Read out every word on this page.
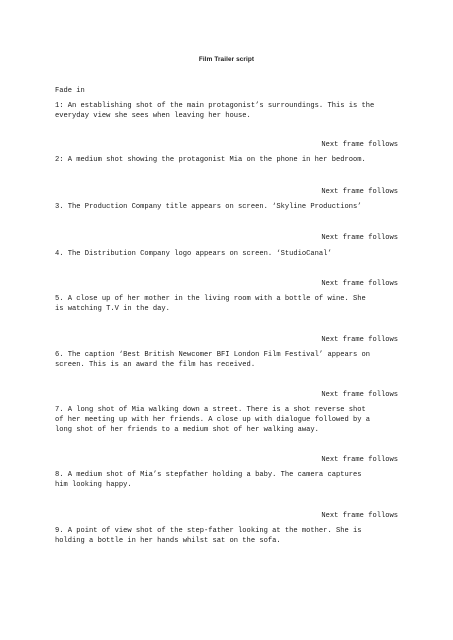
Film Trailer script
Fade in
1: An establishing shot of the main protagonist’s surroundings. This is the
everyday view she sees when leaving her house.
Next frame follows
2: A medium shot showing the protagonist Mia on the phone in her bedroom.
Next frame follows
3. The Production Company title appears on screen. ‘Skyline Productions’
Next frame follows
4. The Distribution Company logo appears on screen. ‘StudioCanal’
Next frame follows
5. A close up of her mother in the living room with a bottle of wine. She
is watching T.V in the day.
Next frame follows
6. The caption ‘Best British Newcomer BFI London Film Festival’ appears on
screen. This is an award the film has received.
Next frame follows
7. A long shot of Mia walking down a street. There is a shot reverse shot
of her meeting up with her friends. A close up with dialogue followed by a
long shot of her friends to a medium shot of her walking away.
Next frame follows
8. A medium shot of Mia’s stepfather holding a baby. The camera captures
him looking happy.
Next frame follows
9. A point of view shot of the step-father looking at the mother. She is
holding a bottle in her hands whilst sat on the sofa.
